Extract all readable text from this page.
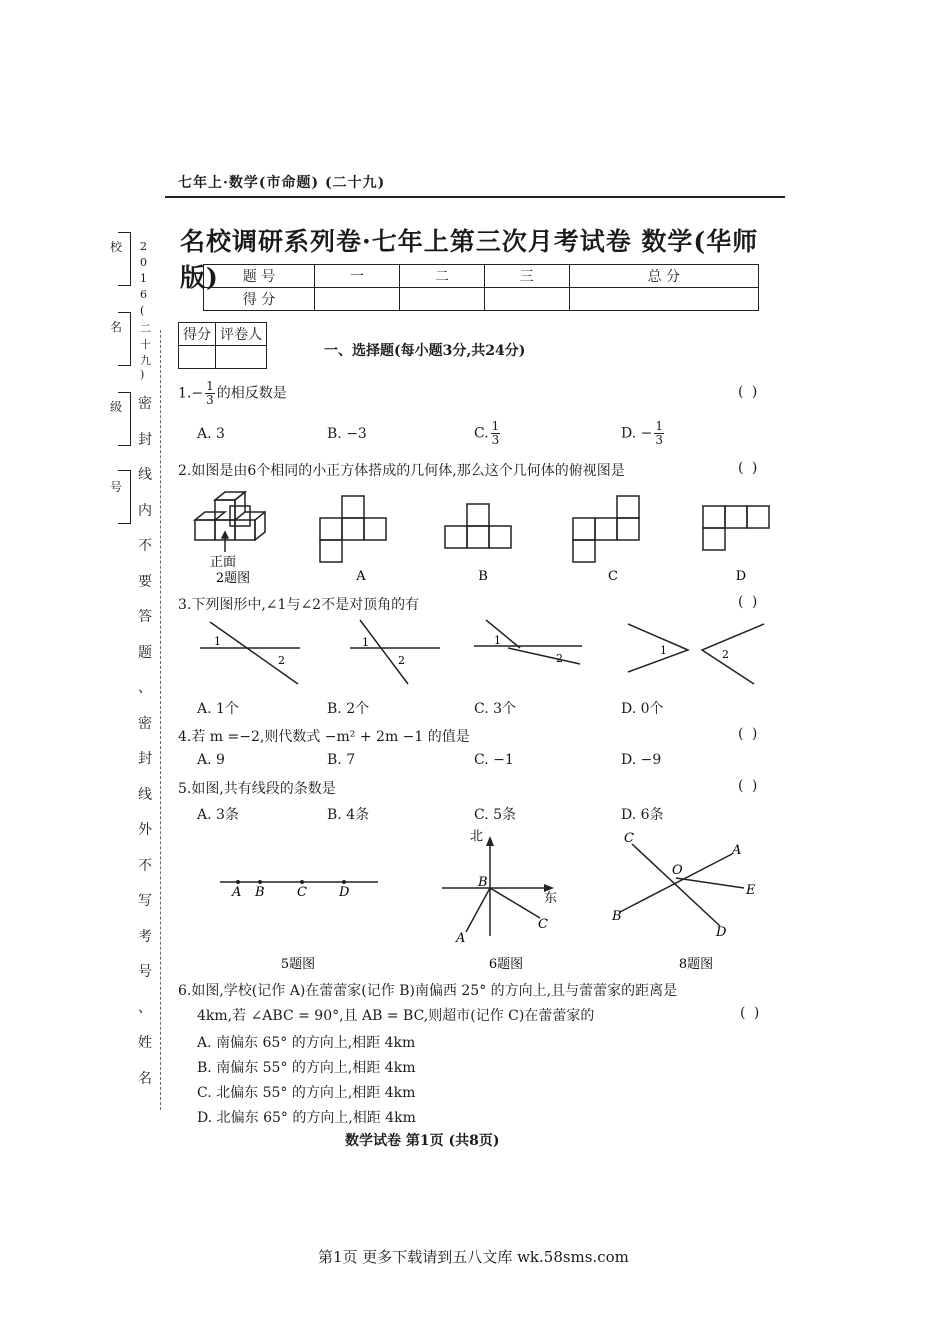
校
名
级
号
2
0
1
6
(
二
十
九
)
密
封
线
内
不
要
答
题
、
密
封
线
外
不
写
考
号
、
姓
名
七年上·数学(市命题) (二十九)
名校调研系列卷·七年上第三次月考试卷 数学(华师版)	题 号	一	二	三	总 分
得 分				
得分	评卷人

一、选择题(每小题3分,共24分)
$1.- \frac{1}{3}$ 的相反数是	( )
A. 3	B. −3	C. $\frac{1}{3}$	D. − $\frac{1}{3}$
2.如图是由6个相同的小正方体搭成的几何体,那么这个几何体的俯视图是	( )
正面
2题图	A	B	C	D
3.下列图形中,∠1与∠2不是对顶角的有	( )
1
2
1
2
1
2
1	2
A. 1个	B. 2个	C. 3个	D. 0个
4.若 m =−2,则代数式 −m² + 2m −1 的值是	( )
A. 9	B. 7	C. −1	D. −9
5.如图,共有线段的条数是	( )
A. 3条	B. 4条	C. 5条	D. 6条
A B C D
5题图
北
东
B
A
C
6题图
C
A
O
E
B
D
8题图
6.如图,学校(记作 A)在蕾蕾家(记作 B)南偏西 25° 的方向上,且与蕾蕾家的距离是
4km,若 ∠ABC = 90°,且 AB = BC,则超市(记作 C)在蕾蕾家的	( )
A. 南偏东 65° 的方向上,相距 4km
B. 南偏东 55° 的方向上,相距 4km
C. 北偏东 55° 的方向上,相距 4km
D. 北偏东 65° 的方向上,相距 4km
数学试卷 第1页 (共8页)
第1页 更多下载请到五八文库 wk.58sms.com
